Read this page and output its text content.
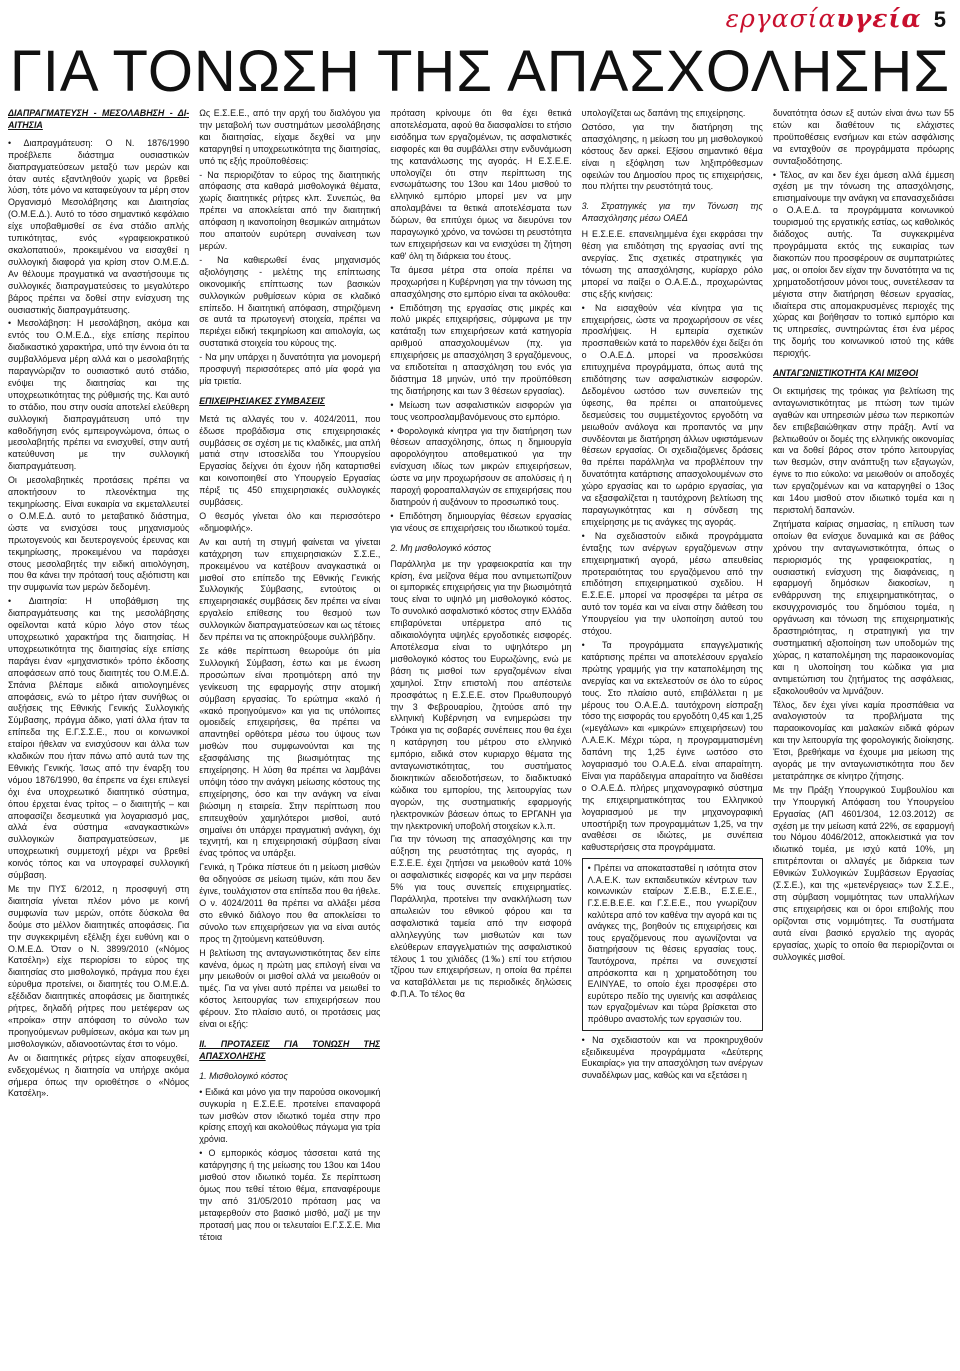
εργασίαυγεία 5
ΓΙΑ ΤΟΝΩΣΗ ΤΗΣ ΑΠΑΣΧΟΛΗΣΗΣ

ΔΙΑΠΡΑΓΜΑΤΕΥΣΗ - ΜΕΣΟΛΑΒΗΣΗ - ΔΙΑΙΤΗΣΙΑ

• Διαπραγμάτευση: Ο Ν. 1876/1990 προέβλεπε διάστημα ουσιαστικών διαπραγματεύσεων μεταξύ των μερών και όταν αυτές εξαντληθούν χωρίς να βρεθεί λύση, τότε μόνο να καταφεύγουν τα μέρη στον Οργανισμό Μεσολάβησης και Διαιτησίας (Ο.Μ.Ε.Δ.). Αυτό το τόσο σημαντικό κεφάλαιο είχε υποβαθμισθεί σε ένα στάδιο απλής τυπικότητας, ενός «γραφειοκρατικού σκαλοπατιού», προκειμένου να εισαχθεί η συλλογική διαφορά για κρίση στον Ο.Μ.Ε.Δ. Αν θέλουμε πραγματικά να αναστήσουμε τις συλλογικές διαπραγματεύσεις το μεγαλύτερο βάρος πρέπει να δοθεί στην ενίσχυση της ουσιαστικής διαπραγμάτευσης.

• Μεσολάβηση: Η μεσολάβηση, ακόμα και εντός του Ο.Μ.Ε.Δ., είχε επίσης περίπου διαδικαστικό χαρακτήρα, υπό την έννοια ότι τα συμβαλλόμενα μέρη αλλά και ο μεσολαβητής παραγνώριζαν το ουσιαστικό αυτό στάδιο, ενόψει της διαιτησίας και της υποχρεωτικότητας της ρύθμισής της. Και αυτό το στάδιο, που στην ουσία αποτελεί ελεύθερη συλλογική διαπραγμάτευση υπό την καθοδήγηση ενός εμπειρογνώμονα, όπως ο μεσολαβητής πρέπει να ενισχυθεί, στην αυτή κατεύθυνση με την συλλογική διαπραγμάτευση.

Οι μεσολαβητικές προτάσεις πρέπει να αποκτήσουν το πλεονέκτημα της τεκμηρίωσης. Είναι ευκαιρία να εκμεταλλευτεί ο Ο.Μ.Ε.Δ. αυτό το μεταβατικό διάστημα, ώστε να ενισχύσει τους μηχανισμούς πρωτογενούς και δευτερογενούς έρευνας και τεκμηρίωσης, προκειμένου να παράσχει στους μεσολαβητές την ειδική αιτιολόγηση, που θα κάνει την πρότασή τους αξιόπιστη και την συμφωνία των μερών δεδομένη.

• Διαιτησία: Η υποβάθμιση της διαπραγμάτευσης και της μεσολάβησης οφείλονται κατά κύριο λόγο στον τέως υποχρεωτικό χαρακτήρα της διαιτησίας. Η υποχρεωτικότητα της διαιτησίας είχε επίσης παράγει έναν «μηχανιστικό» τρόπο έκδοσης αποφάσεων από τους διαιτητές του Ο.Μ.Ε.Δ. Σπάνια βλέπαμε ειδικά αιτιολογημένες αποφάσεις, ενώ το μέτρο ήταν συνήθως οι αυξήσεις της Εθνικής Γενικής Συλλογικής Σύμβασης, πράγμα άδικο, γιατί άλλα ήταν τα επίπεδα της Ε.Γ.Σ.Σ.Ε., που οι κοινωνικοί εταίροι ήθελαν να ενισχύσουν και άλλα των κλαδικών που ήταν πάνω από αυτά των της Εθνικής Γενικής. Ίσως από την έναρξη του νόμου 1876/1990, θα έπρεπε να έχει επιλεγεί όχι ένα υποχρεωτικό διαιτητικό σύστημα, όπου έρχεται ένας τρίτος – ο διαιτητής – και αποφασίζει δεσμευτικά για λογαριασμό μας, αλλά ένα σύστημα «αναγκαστικών» συλλογικών διαπραγματεύσεων, με υποχρεωτική συμμετοχή μέχρι να βρεθεί κοινός τόπος και να υπογραφεί συλλογική σύμβαση.

Με την ΠΥΣ 6/2012, η προσφυγή στη διαιτησία γίνεται πλέον μόνο με κοινή συμφωνία των μερών, οπότε δύσκολα θα δούμε στο μέλλον διαιτητικές αποφάσεις. Για την συγκεκριμένη εξέλιξη έχει ευθύνη και ο Ο.Μ.Ε.Δ. Όταν ο Ν. 3899/2010 («Νόμος Κατσέλη») είχε περιορίσει το εύρος της διαιτησίας στο μισθολογικό, πράγμα που έχει εύρυθμα προτείνει, οι διαιτητές του Ο.Μ.Ε.Δ. εξέδιδαν διαιτητικές αποφάσεις με διαιτητικές ρήτρες, δηλαδή ρήτρες που μετέφεραν ως «προίκα» στην απόφαση το σύνολο των προηγούμενων ρυθμίσεων, ακόμα και των μη μισθολογικών, αδιανοοτώντας έτσι το νόμο.

Αν οι διαιτητικές ρήτρες είχαν αποφευχθεί, ενδεχομένως η διαιτησία να υπήρχε ακόμα σήμερα όπως την οριοθέτησε ο «Νόμος Κατσέλη».

Ως Ε.Σ.Ε.Ε., από την αρχή του διαλόγου για την μεταβολή των συστημάτων μεσολάβησης και διαιτησίας, είχαμε δεχθεί να μην καταργηθεί η υποχρεωτικότητα της διαιτησίας, υπό τις εξής προϋποθέσεις:

- Να περιοριζόταν το εύρος της διαιτητικής απόφασης στα καθαρά μισθολογικά θέματα, χωρίς διαιτητικές ρήτρες κλπ. Συνεπώς, θα πρέπει να αποκλείεται από την διαιτητική απόφαση η ικανοποίηση θεσμικών αιτημάτων που απαιτούν ευρύτερη συναίνεση των μερών.

- Να καθιερωθεί ένας μηχανισμός αξιολόγησης - μελέτης της επίπτωσης οικονομικής επίπτωσης των βασικών συλλογικών ρυθμίσεων κύρια σε κλαδικό επίπεδο. Η διαιτητική απόφαση, στηριζόμενη σε αυτά τα πρωτογενή στοιχεία, πρέπει να περιέχει ειδική τεκμηρίωση και αιτιολογία, ως συστατικά στοιχεία του κύρους της.

- Να μην υπάρχει η δυνατότητα για μονομερή προσφυγή περισσότερες από μία φορά για μία τριετία.

ΕΠΙΧΕΙΡΗΣΙΑΚΕΣ ΣΥΜΒΑΣΕΙΣ

Μετά τις αλλαγές του ν. 4024/2011, που έδωσε προβάδισμα στις επιχειρησιακές συμβάσεις σε σχέση με τις κλαδικές, μια απλή ματιά στην ιστοσελίδα του Υπουργείου Εργασίας δείχνει ότι έχουν ήδη καταρτισθεί και κοινοποιηθεί στο Υπουργείο Εργασίας πέριξ τις 450 επιχειρησιακές συλλογικές συμβάσεις.

Ο θεσμός γίνεται όλο και περισσότερο «δημοφιλής».

Αν και αυτή τη στιγμή φαίνεται να γίνεται κατάχρηση των επιχειρησιακών Σ.Σ.Ε., προκειμένου να κατέβουν αναγκαστικά οι μισθοί στο επίπεδο της Εθνικής Γενικής Συλλογικής Σύμβασης, εντούτοις οι επιχειρησιακές συμβάσεις δεν πρέπει να είναι εργαλείο επίθεσης του θεσμού των συλλογικών διαπραγματεύσεων και ως τέτοιες δεν πρέπει να τις αποκηρύξουμε συλλήβδην.

Σε κάθε περίπτωση θεωρούμε ότι μία Συλλογική Σύμβαση, έστω και με ένωση προσώπων είναι προτιμότερη από την γενίκευση της εφαρμογής στην ατομική σύμβαση εργασίας. Το ερώτημα «καλό ή «κακό προηγούμενο» και για τις υπόλοιπες ομοειδείς επιχειρήσεις, θα πρέπει να απαντηθεί ορθότερα μέσω του ύψους των μισθών που συμφωνούνται και της εξασφάλισης της βιωσιμότητας της επιχείρησης. Η λύση θα πρέπει να λαμβάνει υπόψη τόσο την ανάγκη μείωσης κόστους της επιχείρησης, όσο και την ανάγκη να είναι βιώσιμη η εταιρεία. Στην περίπτωση που επιτευχθούν χαμηλότεροι μισθοί, αυτό σημαίνει ότι υπάρχει πραγματική ανάγκη, όχι τεχνητή, και η επιχειρησιακή σύμβαση είναι ένας τρόπος να υπάρξει.

Γενικά, η Τρόικα πίστευε ότι η μείωση μισθών θα οδηγούσε σε μείωση τιμών, κάτι που δεν έγινε, τουλάχιστον στα επίπεδα που θα ήθελε. Ο ν. 4024/2011 θα πρέπει να αλλάξει μέσα στο εθνικό διάλογο που θα αποκλείσει το σύνολο των επιχειρήσεων για να είναι αυτός προς τη ζητούμενη κατεύθυνση.

Η βελτίωση της ανταγωνιστικότητας δεν είπε κανένα, όμως η πρώτη μας επιλογή είναι να μην μειωθούν οι μισθοί αλλά να μειωθούν οι τιμές. Για να γίνει αυτό πρέπει να μειωθεί το κόστος λειτουργίας των επιχειρήσεων που φέρουν. Στο πλαίσιο αυτό, οι προτάσεις μας είναι οι εξής:

ΙΙ. ΠΡΟΤΑΣΕΙΣ ΓΙΑ ΤΟΝΩΣΗ ΤΗΣ ΑΠΑΣΧΟΛΗΣΗΣ

1. Μισθολογικό κόστος

• Ειδικά και μόνο για την παρούσα οικονομική συγκυρία η Ε.Σ.Ε.Ε. προτείνει επαναφορά των μισθών στον ιδιωτικό τομέα στην προ κρίσης εποχή και ακολούθως πάγωμα για τρία χρόνια.

• Ο εμπορικός κόσμος τάσσεται κατά της κατάργησης ή της μείωσης του 13ου και 14ου μισθού στον ιδιωτικό τομέα. Σε περίπτωση όμως που τεθεί τέτοιο θέμα, επαναφέρουμε την από 31/05/2010 πρόταση μας να μεταφερθούν στο βασικό μισθό, μαζί με την προτασή μας που οι τελευταίοι Ε.Γ.Σ.Σ.Ε. Μια τέτοια

πρόταση κρίνουμε ότι θα έχει θετικά αποτελέσματα, αφού θα διασφαλίσει το ετήσιο εισόδημα των εργαζομένων, τις ασφαλιστικές εισφορές και θα συμβάλλει στην ενδυνάμωση της κατανάλωσης της αγοράς. Η Ε.Σ.Ε.Ε. υπολογίζει ότι στην περίπτωση της ενσωμάτωσης του 13ου και 14ου μισθού το ελληνικό εμπόριο μπορεί μεν να μην απολαμβάνει τα θετικά αποτελέσματα των δώρων, θα επιτύχει όμως να διευρύνει τον παραγωγικό χρόνο, να τονώσει τη ρευστότητα των επιχειρήσεων και να ενισχύσει τη ζήτηση καθ' όλη τη διάρκεια του έτους.

Τα άμεσα μέτρα στα οποία πρέπει να προχωρήσει η Κυβέρνηση για την τόνωση της απασχόλησης στο εμπόριο είναι τα ακόλουθα:

• Επιδότηση της εργασίας στις μικρές και πολύ μικρές επιχειρήσεις, σύμφωνα με την κατάταξη των επιχειρήσεων κατά κατηγορία αριθμού απασχολουμένων (πχ. για επιχειρήσεις με απασχόληση 3 εργαζόμενους, να επιδοτείται η απασχόληση του ενός για διάστημα 18 μηνών, υπό την προϋπόθεση της διατήρησης και των 3 θέσεων εργασίας).

• Μείωση των ασφαλιστικών εισφορών για τους νεοπροσλαμβανόμενους στο εμπόριο.

• Φορολογικά κίνητρα για την διατήρηση των θέσεων απασχόλησης, όπως η δημιουργία αφορολόγητου αποθεματικού για την ενίσχυση ιδίως των μικρών επιχειρήσεων, ώστε να μην προχωρήσουν σε απολύσεις ή η παροχή φοροαπαλλαγών σε επιχειρήσεις που διατηρούν ή αυξάνουν το προσωπικό τους.

• Επιδότηση δημιουργίας θέσεων εργασίας για νέους σε επιχειρήσεις του ιδιωτικού τομέα.

2. Μη μισθολογικό κόστος

Παράλληλα με την γραφειοκρατία και την κρίση, ένα μείζονα θέμα που αντιμετωπίζουν οι εμπορικές επιχειρήσεις για την βιωσιμότητά τους είναι το υψηλό μη μισθολογικό κόστος. Το συνολικό ασφαλιστικό κόστος στην Ελλάδα επιβαρύνεται υπέρμετρα από τις αδικαιολόγητα υψηλές εργοδοτικές εισφορές. Αποτέλεσμα είναι το υψηλότερο μη μισθολογικό κόστος του Ευρωζώνης, ενώ με βάση τις μισθοί των εργαζομένων είναι χαμηλοί. Στην επιστολή που απέστειλε προσφάτως η Ε.Σ.Ε.Ε. στον Πρωθυπουργό την 3 Φεβρουαρίου, ζητούσε από την ελληνική Κυβέρνηση να ενημερώσει την Τρόικα για τις σοβαρές συνέπειες που θα έχει η κατάργηση του μέτρου στο ελληνικό εμπόριο, ειδικά στον κυριαρχο θέματα της ανταγωνιστικότητας, του συστήματος διοικητικών αδειοδοτήσεων, το διαδικτυακό κώδικα του εμπορίου, της λειτουργίας των αγορών, της συστηματικής εφαρμογής ηλεκτρονικών βάσεων όπως το ΕΡΓΑΝΗ για την ηλεκτρονική υποβολή στοιχείων κ.λ.π.

Για την τόνωση της απασχόλησης και την αύξηση της ρευστότητας της αγοράς, η Ε.Σ.Ε.Ε. έχει ζητήσει να μειωθούν κατά 10% οι ασφαλιστικές εισφορές και να μην περάσει 5% για τους συνεπείς επιχειρηματίες. Παράλληλα, προτείνει την ανακλήλωση των απωλειών του εθνικού φόρου και τα ασφαλιστικά ταμεία από την εισφορά αλληλεγγύης των μισθωτών και των ελεύθερων επαγγελματιών της ασφαλιστικού τέλους 1 του χιλιάδες (1‰) επί του ετήσιου τζίρου των επιχειρήσεων, η οποία θα πρέπει να καταβάλλεται με τις περιοδικές δηλώσεις Φ.Π.Α. Το τέλος θα

υπολογίζεται ως δαπάνη της επιχείρησης.

Ωστόσο, για την διατήρηση της απασχόλησης, η μείωση του μη μισθολογικού κόστους δεν αρκεί. Εξίσου σημαντικό θέμα είναι η εξόφληση των ληξιπρόθεσμων οφειλών του Δημοσίου προς τις επιχειρήσεις, που πλήττει την ρευστότητά τους.

3. Στρατηγικές για την Τόνωση της Απασχόλησης μέσω ΟΑΕΔ

Η Ε.Σ.Ε.Ε. επανειλημμένα έχει εκφράσει την θέση για επιδότηση της εργασίας αντί της ανεργίας. Στις σχετικές στρατηγικές για τόνωση της απασχόλησης, κυρίαρχο ρόλο μπορεί να παίξει ο Ο.Α.Ε.Δ., προχωρώντας στις εξής κινήσεις:

• Να εισαχθούν νέα κίνητρα για τις επιχειρήσεις, ώστε να προχωρήσουν σε νέες προσλήψεις. Η εμπειρία σχετικών προσπαθειών κατά το παρελθόν έχει δείξει ότι ο Ο.Α.Ε.Δ. μπορεί να προσελκύσει επιτυχημένα προγράμματα, όπως αυτά της επιδότησης των ασφαλιστικών εισφορών. Δεδομένου ωστόσο των συνεπειών της ύφεσης, θα πρέπει οι απαιτούμενες δεσμεύσεις του συμμετέχοντος εργοδότη να μειωθούν ανάλογα και προπαντός να μην συνδέονται με διατήρηση άλλων υφιστάμενων θέσεων εργασίας. Οι σχεδιαζόμενες δράσεις θα πρέπει παράλληλα να προβλέπουν την δυνατότητα κατάρτισης απασχολουμένων στο χώρο εργασίας και το ωράριο εργασίας, για να εξασφαλίζεται η ταυτόχρονη βελτίωση της παραγωγικότητας και η σύνδεση της επιχείρησης με τις ανάγκες της αγοράς.

• Να σχεδιαστούν ειδικά προγράμματα ένταξης των ανέργων εργαζόμενων στην επιχειρηματική αγορά, μέσω απευθείας προτεραιότητας του εργαζόμενου από την επιδότηση επιχειρηματικού σχεδίου. Η Ε.Σ.Ε.Ε. μπορεί να προσφέρει τα μέτρα σε αυτό τον τομέα και να είναι στην διάθεση του Υπουργείου για την υλοποίηση αυτού του στόχου.

• Τα προγράμματα επαγγελματικής κατάρτισης πρέπει να αποτελέσουν εργαλείο πρώτης γραμμής για την καταπολέμηση της ανεργίας και να εκτελεστούν σε όλο το εύρος τους. Στο πλαίσιο αυτό, επιβάλλεται η με μέρους του Ο.Α.Ε.Δ. ταυτόχρονη είσπραξη τόσο της εισφοράς του εργοδότη 0,45 και 1,25 («μεγάλων» και «μικρών» επιχειρήσεων) του Λ.Α.Ε.Κ. Μέχρι τώρα, η προγραμματισμένη δαπάνη της 1,25 έγινε ωστόσο στο λογαριασμό του Ο.Α.Ε.Δ. είναι απαραίτητη. Είναι για παράδειγμα απαραίτητο να διαθέσει ο Ο.Α.Ε.Δ. πλήρες μηχανογραφικό σύστημα της επιχειρηματικότητας του Ελληνικού λογαριασμού με την μηχανογραφική υποστήριξη των προγραμμάτων 1,25, να την αναθέσει σε ιδιώτες, με συνέπεια καθυστερήσεις στα προγράμματα.

• Πρέπει να αποκατασταθεί η ισότητα στον Λ.Α.Ε.Κ. των εκπαιδευτικών κέντρων των κοινωνικών εταίρων Σ.Ε.Β., Ε.Σ.Ε.Ε., Γ.Σ.Ε.Β.Ε.Ε. και Γ.Σ.Ε.Ε., που γνωρίζουν καλύτερα από τον καθένα την αγορά και τις ανάγκες της, βοηθούν τις επιχειρήσεις και τους εργαζόμενους που αγωνίζονται να διατηρήσουν τις θέσεις εργασίας τους. Ταυτόχρονα, πρέπει να συνεχιστεί απρόσκοπτα και η χρηματοδότηση του ΕΛΙΝΥΑΕ, το οποίο έχει προσφέρει στο ευρύτερο πεδίο της υγιεινής και ασφάλειας των εργαζομένων και τώρα βρίσκεται στο πρόθυρο αναστολής των εργασιών του.

• Να σχεδιαστούν και να προκηρυχθούν εξειδικευμένα προγράμματα «Δεύτερης Ευκαιρίας» για την απασχόληση των ανέργων συναδέλφων μας, καθώς και να εξετάσει η

δυνατότητα όσων εξ αυτών είναι άνω των 55 ετών και διαθέτουν τις ελάχιστες προϋποθέσεις ενσήμων και ετών ασφάλισης να ενταχθούν σε προγράμματα πρόωρης συνταξιοδότησης.

• Τέλος, αν και δεν έχει άμεση αλλά έμμεση σχέση με την τόνωση της απασχόλησης, επισημαίνουμε την ανάγκη να επανασχεδιάσει ο Ο.Α.Ε.Δ. τα προγράμματα κοινωνικού τουρισμού της εργατικής εστίας, ως καθολικός διάδοχος αυτής. Τα συγκεκριμένα προγράμματα εκτός της ευκαιρίας των διακοπών που προσφέρουν σε συμπατριώτες μας, οι οποίοι δεν είχαν την δυνατότητα να τις χρηματοδοτήσουν μόνοι τους, συνετέλεσαν τα μέγιστα στην διατήρηση θέσεων εργασίας, ιδιαίτερα στις απομακρυσμένες περιοχές της χώρας και βοήθησαν το τοπικό εμπόριο και τις υπηρεσίες, συντηρώντας έτσι ένα μέρος της δομής του κοινωνικού ιστού της κάθε περιοχής.

ΑΝΤΑΓΩΝΙΣΤΙΚΟΤΗΤΑ ΚΑΙ ΜΙΣΘΟΙ

Οι εκτιμήσεις της τρόικας για βελτίωση της ανταγωνιστικότητας με πτώση των τιμών αγαθών και υπηρεσιών μέσω των περικοπών δεν επιβεβαιώθηκαν στην πράξη. Αντί να βελτιωθούν οι δομές της ελληνικής οικονομίας και να δοθεί βάρος στον τρόπο λειτουργίας των θεσμών, στην ανάπτυξη των εξαγωγών, έγινε το πιο εύκολο: να μειωθούν οι αποδοχές των εργαζομένων και να καταργηθεί ο 13ος και 14ου μισθού στον ιδιωτικό τομέα και η περιστολή δαπανών.

Ζητήματα καίριας σημασίας, η επίλυση των οποίων θα ενίσχυε δυναμικά και σε βάθος χρόνου την ανταγωνιστικότητα, όπως ο περιορισμός της γραφειοκρατίας, η ουσιαστική ενίσχυση της διαφάνειας, η εφαρμογή δημόσιων διακοσίων, η ενθάρρυνση της επιχειρηματικότητας, ο εκσυγχρονισμός του δημόσιου τομέα, η οργάνωση και τόνωση της επιχειρηματικής δραστηριότητας, η στρατηγική για την συστηματική αξιοποίηση των υποδομών της χώρας, η καταπολέμηση της παραοικονομίας και η υλοποίηση του κώδικα για μια αντιμετώπιση του ζητήματος της ασφάλειας, εξακολουθούν να λιμνάζουν.

Τέλος, δεν έχει γίνει καμία προσπάθεια να αναλογιστούν τα προβλήματα της παραοικονομίας και μαλακών ειδικά φόρων και την λειτουργία της φορολογικής διοίκησης. Έτσι, βρεθήκαμε να έχουμε μια μείωση της αγοράς με την ανταγωνιστικότητα που δεν μετατράπηκε σε κίνητρο ζήτησης.

Με την Πράξη Υπουργικού Συμβουλίου και την Υπουργική Απόφαση του Υπουργείου Εργασίας (ΑΠ 4601/304, 12.03.2012) σε σχέση με την μείωση κατά 22%, σε εφαρμογή του Νόμου 4046/2012, αποκλειστικά για τον ιδιωτικό τομέα, με ισχύ κατά 10%, μη επιτρέπονται οι αλλαγές με διάρκεια των Εθνικών Συλλογικών Συμβάσεων Εργασίας (Σ.Σ.Ε.), και της «μετενέργειας» των Σ.Σ.Ε., στη σύμβαση νομιμότητας των υπαλλήλων στις επιχειρήσεις και οι όροι επιβολής που ορίζονται στις νομιμότητες. Τα συστήματα αυτά είναι βασικό εργαλείο της αγοράς εργασίας, χωρίς το οποίο θα περιορίζονται οι συλλογικές μισθοί.
